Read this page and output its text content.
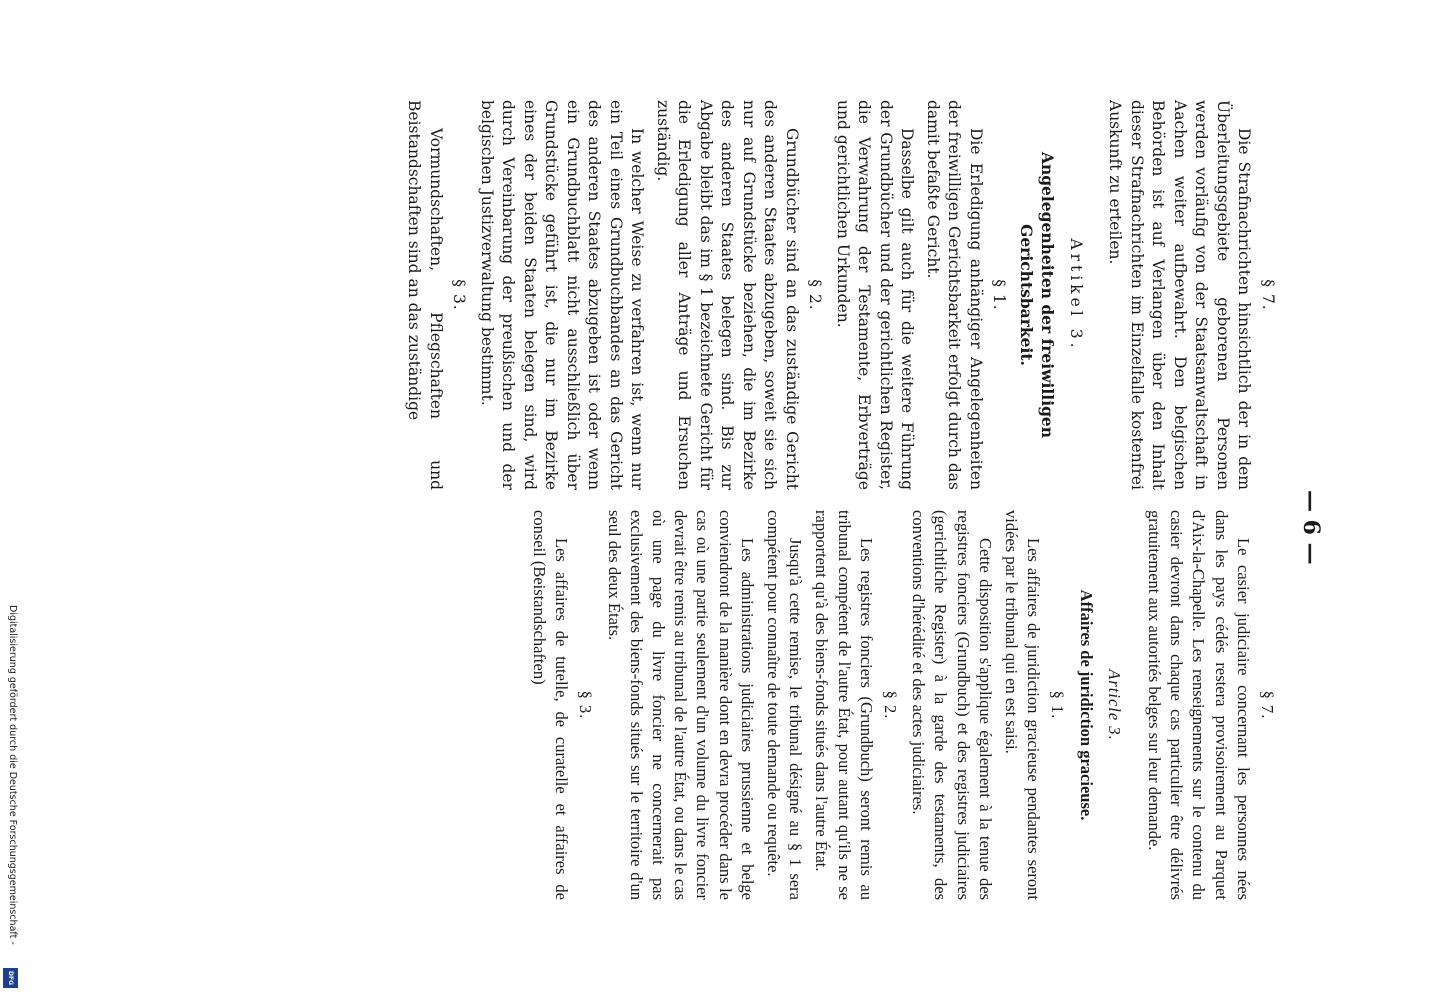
— 6 —
§ 7.

Die Strafnachrichten hinsichtlich der in dem Überleitungsgebiete geborenen Personen werden vorläufig von der Staatsanwaltschaft in Aachen weiter aufbewahrt. Den belgischen Behörden ist auf Verlangen über den Inhalt dieser Strafnachrichten im Einzelfalle kostenfrei Auskunft zu erteilen.

Artikel 3.
Angelegenheiten der freiwilligen Gerichtsbarkeit.
§ 1.

Die Erledigung anhängiger Angelegenheiten der freiwilligen Gerichtsbarkeit erfolgt durch das damit befaßte Gericht.

Dasselbe gilt auch für die weitere Führung der Grundbücher und der gerichtlichen Register, die Verwahrung der Testamente, Erbverträge und gerichtlichen Urkunden.

§ 2.

Grundbücher sind an das zuständige Gericht des anderen Staates abzugeben, soweit sie sich nur auf Grundstücke beziehen, die im Bezirke des anderen Staates belegen sind. Bis zur Abgabe bleibt das im § 1 bezeichnete Gericht für die Erledigung aller Anträge und Ersuchen zuständig.

In welcher Weise zu verfahren ist, wenn nur ein Teil eines Grundbuchbandes an das Gericht des anderen Staates abzugeben ist oder wenn ein Grundbuchblatt nicht ausschließlich über Grundstücke geführt ist, die nur im Bezirke eines der beiden Staaten belegen sind, wird durch Vereinbarung der preußischen und der belgischen Justizverwaltung bestimmt.

§ 3.

Vormundschaften, Pflegschaften und Beistandschaften sind an das zuständige

§ 7.

Le casier judiciaire concernant les personnes nées dans les pays cédés restera provisoirement au Parquet d'Aix-la-Chapelle. Les renseignements sur le contenu du casier devront dans chaque cas particulier être délivrés gratuitement aux autorités belges sur leur demande.

Article 3.
Affaires de juridiction gracieuse.
§ 1.

Les affaires de juridiction gracieuse pendantes seront vidées par le tribunal qui en est saisi.

Cette disposition s'applique également à la tenue des registres fonciers (Grundbuch) et des registres judiciaires (gerichtliche Register) à la garde des testaments, des conventions d'hérédité et des actes judiciaires.

§ 2.

Les registres fonciers (Grundbuch) seront remis au tribunal compétent de l'autre État, pour autant qu'ils ne se rapportent qu'à des biens-fonds situés dans l'autre État.

Jusqu'à cette remise, le tribunal désigné au § 1 sera compétent pour connaître de toute demande ou requête.

Les administrations judiciaires prussienne et belge conviendront de la manière dont en devra procéder dans le cas où une partie seulement d'un volume du livre foncier devrait être remis au tribunal de l'autre État, ou dans le cas où une page du livre foncier ne concernerait pas exclusivement des biens-fonds situés sur le territoire d'un seul des deux États.

§ 3.

Les affaires de tutelle, de curatelle et affaires de conseil (Beistandschaften)

DFG
Digitalisierung gefördert durch die Deutsche Forschungsgemeinschaft -
